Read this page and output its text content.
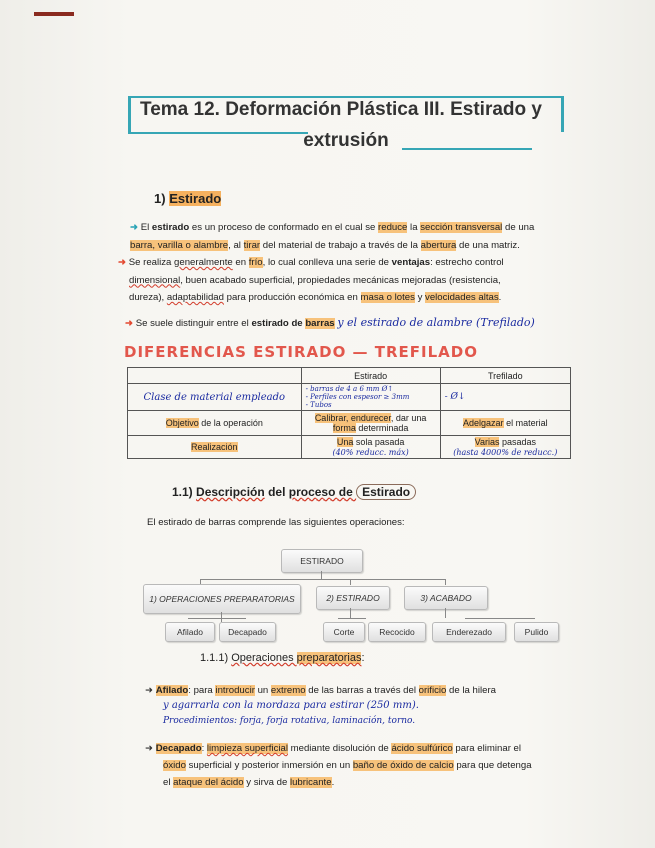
Tema 12. Deformación Plástica III. Estirado y
extrusión
1) Estirado
➜ El estirado es un proceso de conformado en el cual se reduce la sección transversal de una
barra, varilla o alambre, al tirar del material de trabajo a través de la abertura de una matriz.
➜ Se realiza generalmente en frío, lo cual conlleva una serie de ventajas: estrecho control
dimensional, buen acabado superficial, propiedades mecánicas mejoradas (resistencia,
dureza), adaptabilidad para producción económica en masa o lotes y velocidades altas.
➜ Se suele distinguir entre el estirado de barras y el estirado de alambre (Trefilado)
DIFERENCIAS ESTIRADO — TREFILADO
	Estirado	Trefilado
Clase de material empleado	- barras de 4 a 6 mm Ø↑
- Perfiles con espesor ≥ 3mm
- Tubos	- Ø↓
Objetivo de la operación	Calibrar, endurecer, dar una
forma determinada	Adelgazar el material
Realización	Una sola pasada
(40% reducc. máx)	Varias pasadas
(hasta 4000% de reducc.)
1.1) Descripción del proceso de Estirado
El estirado de barras comprende las siguientes operaciones:
ESTIRADO
1) OPERACIONES PREPARATORIAS	2) ESTIRADO	3) ACABADO
Afilado	Decapado	Corte	Recocido	Enderezado	Pulido
1.1.1) Operaciones preparatorias:
➜ Afilado: para introducir un extremo de las barras a través del orificio de la hilera
y agarrarla con la mordaza para estirar (250 mm).
Procedimientos: forja, forja rotativa, laminación, torno.
➜ Decapado: limpieza superficial mediante disolución de ácido sulfúrico para eliminar el
óxido superficial y posterior inmersión en un baño de óxido de calcio para que detenga
el ataque del ácido y sirva de lubricante.
